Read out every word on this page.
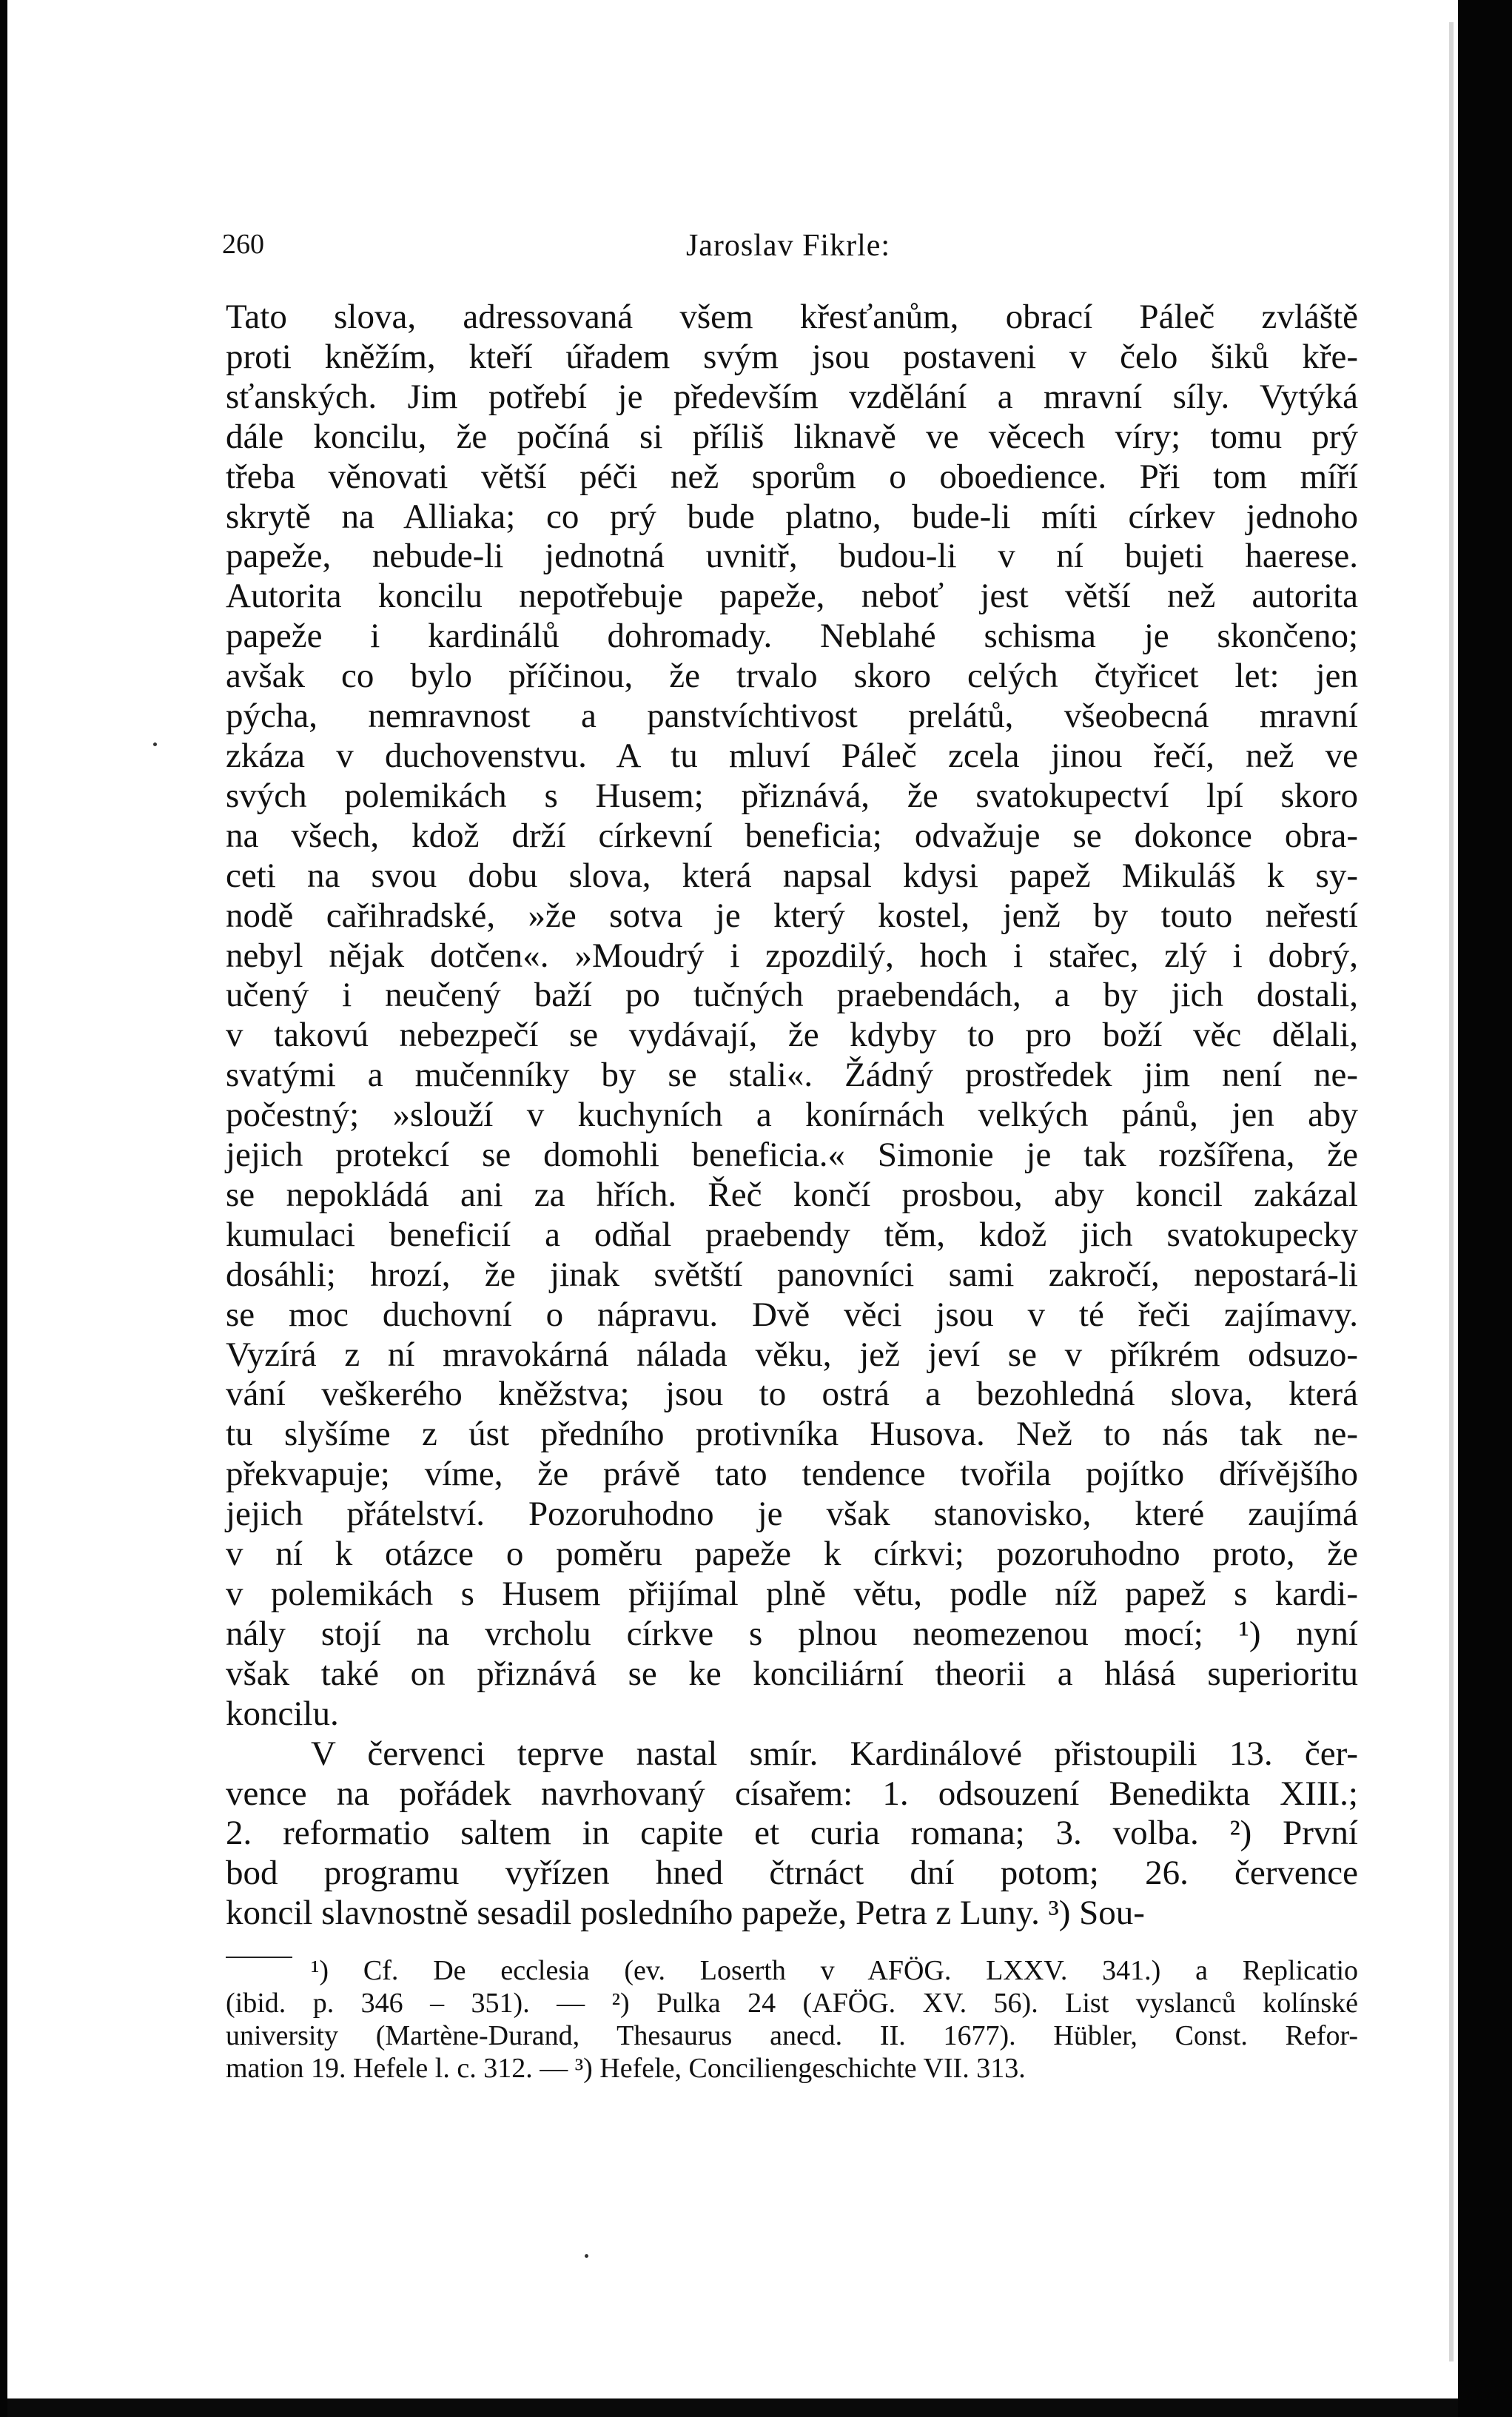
260	Jaroslav Fikrle:
Tato slova, adressovaná všem křesťanům, obrací Páleč zvláště
proti kněžím, kteří úřadem svým jsou postaveni v čelo šiků kře-
sťanských. Jim potřebí je především vzdělání a mravní síly. Vytýká
dále koncilu, že počíná si příliš liknavě ve věcech víry; tomu prý
třeba věnovati větší péči než sporům o oboedience. Při tom míří
skrytě na Alliaka; co prý bude platno, bude-li míti církev jednoho
papeže, nebude-li jednotná uvnitř, budou-li v ní bujeti haerese.
Autorita koncilu nepotřebuje papeže, neboť jest větší než autorita
papeže i kardinálů dohromady. Neblahé schisma je skončeno;
avšak co bylo příčinou, že trvalo skoro celých čtyřicet let: jen
pýcha, nemravnost a panstvíchtivost prelátů, všeobecná mravní
zkáza v duchovenstvu. A tu mluví Páleč zcela jinou řečí, než ve
svých polemikách s Husem; přiznává, že svatokupectví lpí skoro
na všech, kdož drží církevní beneficia; odvažuje se dokonce obra-
ceti na svou dobu slova, která napsal kdysi papež Mikuláš k sy-
nodě cařihradské, »že sotva je který kostel, jenž by touto neřestí
nebyl nějak dotčen«. »Moudrý i zpozdilý, hoch i stařec, zlý i dobrý,
učený i neučený baží po tučných praebendách, a by jich dostali,
v takovú nebezpečí se vydávají, že kdyby to pro boží věc dělali,
svatými a mučenníky by se stali«. Žádný prostředek jim není ne-
počestný; »slouží v kuchyních a konírnách velkých pánů, jen aby
jejich protekcí se domohli beneficia.« Simonie je tak rozšířena, že
se nepokládá ani za hřích. Řeč končí prosbou, aby koncil zakázal
kumulaci beneficií a odňal praebendy těm, kdož jich svatokupecky
dosáhli; hrozí, že jinak světští panovníci sami zakročí, nepostará-li
se moc duchovní o nápravu. Dvě věci jsou v té řeči zajímavy.
Vyzírá z ní mravokárná nálada věku, jež jeví se v příkrém odsuzo-
vání veškerého kněžstva; jsou to ostrá a bezohledná slova, která
tu slyšíme z úst předního protivníka Husova. Než to nás tak ne-
překvapuje; víme, že právě tato tendence tvořila pojítko dřívějšího
jejich přátelství. Pozoruhodno je však stanovisko, které zaujímá
v ní k otázce o poměru papeže k církvi; pozoruhodno proto, že
v polemikách s Husem přijímal plně větu, podle níž papež s kardi-
nály stojí na vrcholu církve s plnou neomezenou mocí; ¹) nyní
však také on přiznává se ke konciliární theorii a hlásá superioritu
koncilu.
V červenci teprve nastal smír. Kardinálové přistoupili 13. čer-
vence na pořádek navrhovaný císařem: 1. odsouzení Benedikta XIII.;
2. reformatio saltem in capite et curia romana; 3. volba. ²) První
bod programu vyřízen hned čtrnáct dní potom; 26. července
koncil slavnostně sesadil posledního papeže, Petra z Luny. ³) Sou-
¹) Cf. De ecclesia (ev. Loserth v AFÖG. LXXV. 341.) a Replicatio
(ibid. p. 346 – 351). — ²) Pulka 24 (AFÖG. XV. 56). List vyslanců kolínské
university (Martène-Durand, Thesaurus anecd. II. 1677). Hübler, Const. Refor-
mation 19. Hefele l. c. 312. — ³) Hefele, Conciliengeschichte VII. 313.
